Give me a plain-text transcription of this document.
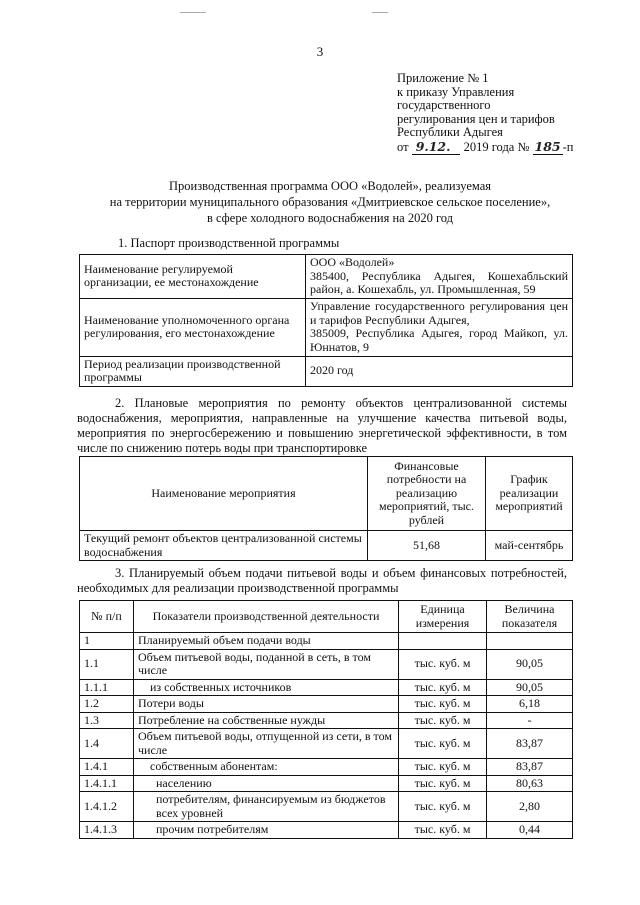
3
Приложение № 1
к приказу Управления
государственного
регулирования цен и тарифов
Республики Адыгея
от 9.12. 2019 года № 185 -п
Производственная программа ООО «Водолей», реализуемая
на территории муниципального образования «Дмитриевское сельское поселение»,
в сфере холодного водоснабжения на 2020 год
1. Паспорт производственной программы
Наименование регулируемой организации, ее местонахождение	ООО «Водолей»
385400, Республика Адыгея, Кошехабльский район, а. Кошехабль, ул. Промышленная, 59

Наименование уполномоченного органа регулирования, его местонахождение	Управление государственного регулирования цен и тарифов Республики Адыгея,
385009, Республика Адыгея, город Майкоп, ул. Юннатов, 9

Период реализации производственной программы	2020 год
2. Плановые мероприятия по ремонту объектов централизованной системы водоснабжения, мероприятия, направленные на улучшение качества питьевой воды, мероприятия по энергосбережению и повышению энергетической эффективности, в том числе по снижению потерь воды при транспортировке
Наименование мероприятия	Финансовые потребности на реализацию мероприятий, тыс. рублей	График реализации мероприятий
Текущий ремонт объектов централизованной системы водоснабжения	51,68	май-сентябрь
3. Планируемый объем подачи питьевой воды и объем финансовых потребностей, необходимых для реализации производственной программы
№ п/п	Показатели производственной деятельности	Единица измерения	Величина показателя
1	Планируемый объем подачи воды		
1.1	Объем питьевой воды, поданной в сеть, в том числе	тыс. куб. м	90,05
1.1.1	из собственных источников	тыс. куб. м	90,05
1.2	Потери воды	тыс. куб. м	6,18
1.3	Потребление на собственные нужды	тыс. куб. м	-
1.4	Объем питьевой воды, отпущенной из сети, в том числе	тыс. куб. м	83,87
1.4.1	собственным абонентам:	тыс. куб. м	83,87
1.4.1.1	населению	тыс. куб. м	80,63
1.4.1.2	потребителям, финансируемым из бюджетов всех уровней	тыс. куб. м	2,80
1.4.1.3	прочим потребителям	тыс. куб. м	0,44
